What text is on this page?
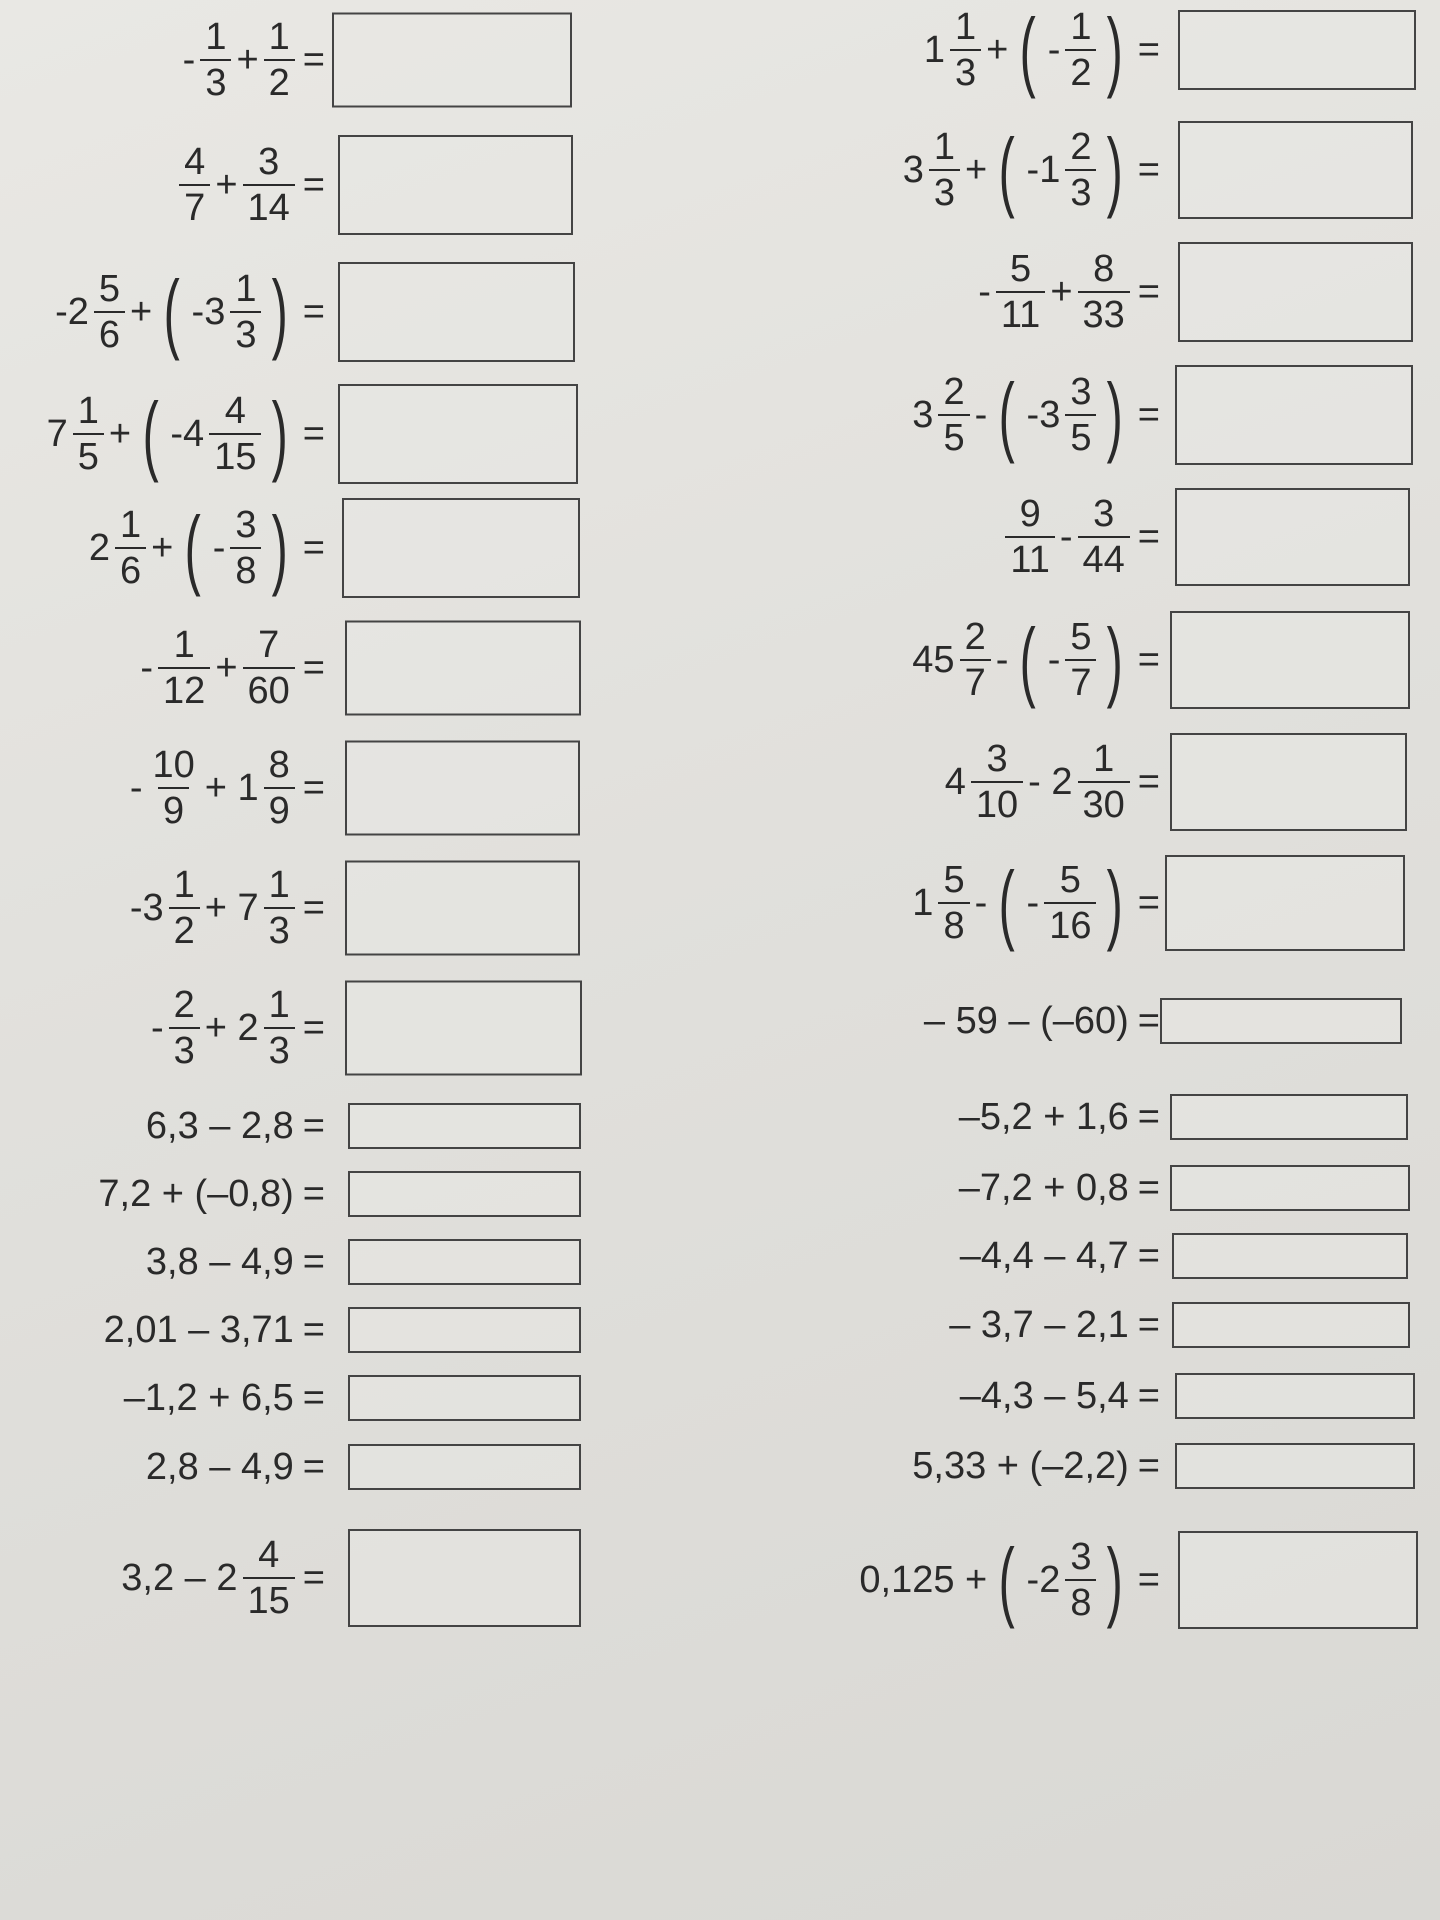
- $\frac{1}{3} + \frac{1}{2}$ =
$\frac{4}{7} + \frac{3}{14}$ =
$-2 \frac{5}{6}$ + ( $-3 \frac{1}{3}$ ) =
$7 \frac{1}{5}$ + ( $-4 \frac{4}{15}$ ) =
$2 \frac{1}{6}$ + ( - $\frac{3}{8}$ ) =
- $\frac{1}{12} + \frac{7}{60}$ =
- $\frac{10}{9} + 1 \frac{8}{9}$ =
$-3 \frac{1}{2} + 7 \frac{1}{3}$ =
- $\frac{2}{3} + 2 \frac{1}{3}$ =
6,3 – 2,8 =
7,2 + (–0,8) =
3,8 – 4,9 =
2,01 – 3,71 =
–1,2 + 6,5 =
2,8 – 4,9 =
$3,2 - 2 \frac{4}{15}$ =
$1 \frac{1}{3}$ + ( - $\frac{1}{2}$ ) =
$3 \frac{1}{3}$ + ( $-1 \frac{2}{3}$ ) =
- $\frac{5}{11} + \frac{8}{33}$ =
$3 \frac{2}{5}$ - ( $-3 \frac{3}{5}$ ) =
$\frac{9}{11} - \frac{3}{44}$ =
$45 \frac{2}{7}$ - ( - $\frac{5}{7}$ ) =
$4 \frac{3}{10} - 2 \frac{1}{30}$ =
$1 \frac{5}{8}$ - ( - $\frac{5}{16}$ ) =
– 59 – (–60) =
–5,2 + 1,6 =
–7,2 + 0,8 =
–4,4 – 4,7 =
– 3,7 – 2,1 =
–4,3 – 5,4 =
5,33 + (–2,2) =
0,125 + ( $-2 \frac{3}{8}$ ) =
